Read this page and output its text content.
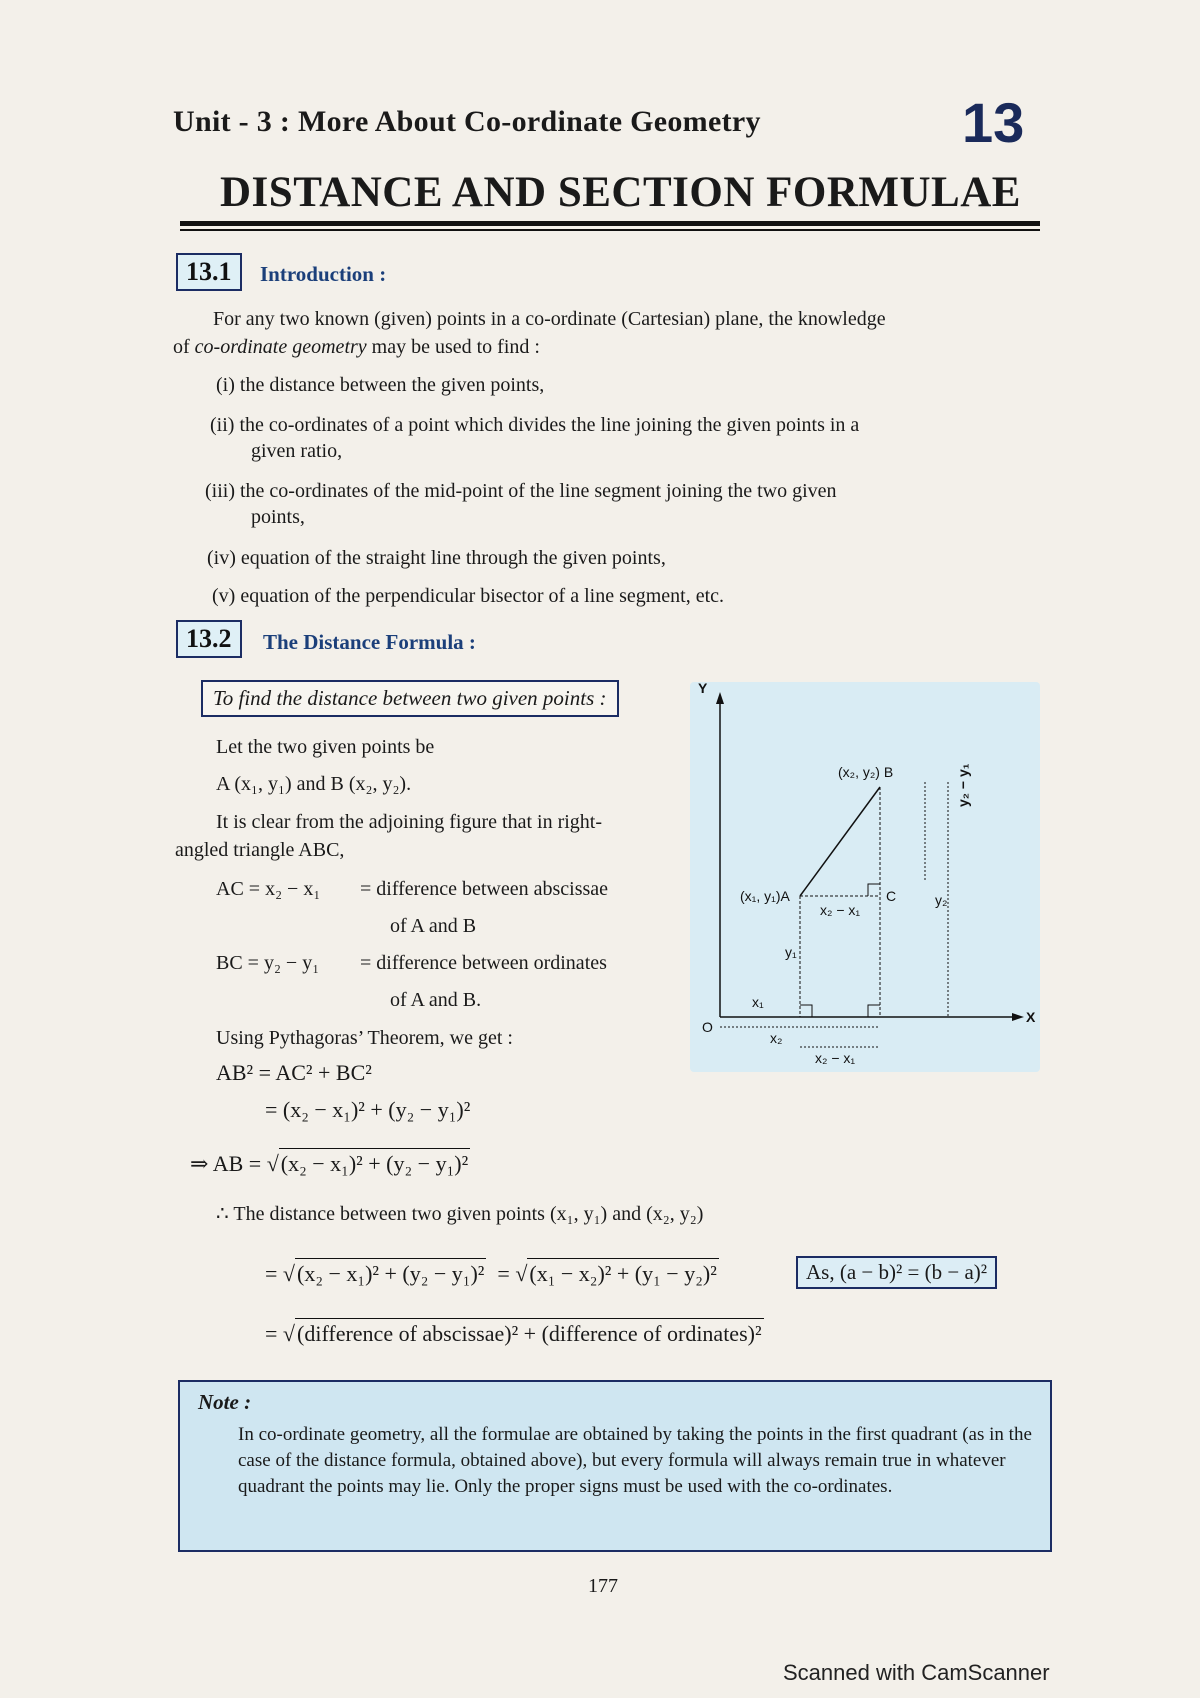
Unit - 3 : More About Co-ordinate Geometry	13
DISTANCE AND SECTION FORMULAE
13.1	Introduction :
For any two known (given) points in a co-ordinate (Cartesian) plane, the knowledge
of co-ordinate geometry may be used to find :
(i) the distance between the given points,
(ii) the co-ordinates of a point which divides the line joining the given points in a
given ratio,
(iii) the co-ordinates of the mid-point of the line segment joining the two given
points,
(iv) equation of the straight line through the given points,
(v) equation of the perpendicular bisector of a line segment, etc.
13.2	The Distance Formula :
To find the distance between two given points :
Let the two given points be
A (x₁, y₁) and B (x₂, y₂).
It is clear from the adjoining figure that in right-
angled triangle ABC,
AC = x₂ − x₁ = difference between abscissae
of A and B
BC = y₂ − y₁ = difference between ordinates
of A and B.
Using Pythagoras’ Theorem, we get :
AB² = AC² + BC²
= (x₂ − x₁)² + (y₂ − y₁)²
⇒ AB = √(x₂ − x₁)² + (y₂ − y₁)²
∴ The distance between two given points (x₁, y₁) and (x₂, y₂)
= √(x₂ − x₁)² + (y₂ − y₁)²  = √(x₁ − x₂)² + (y₁ − y₂)²	As, (a − b)² = (b − a)²
= √(difference of abscissae)² + (difference of ordinates)²
Y
X
O
(x₂, y₂) B
(x₁, y₁)A	C
x₂ − x₁
y₁
y₂
x₁
x₂
x₂ − x₁
y₂ − y₁
Note :
In co-ordinate geometry, all the formulae are obtained by taking the points in the first quadrant (as in the case of the distance formula, obtained above), but every formula will always remain true in whatever quadrant the points may lie. Only the proper signs must be used with the co-ordinates.
177
Scanned with CamScanner
